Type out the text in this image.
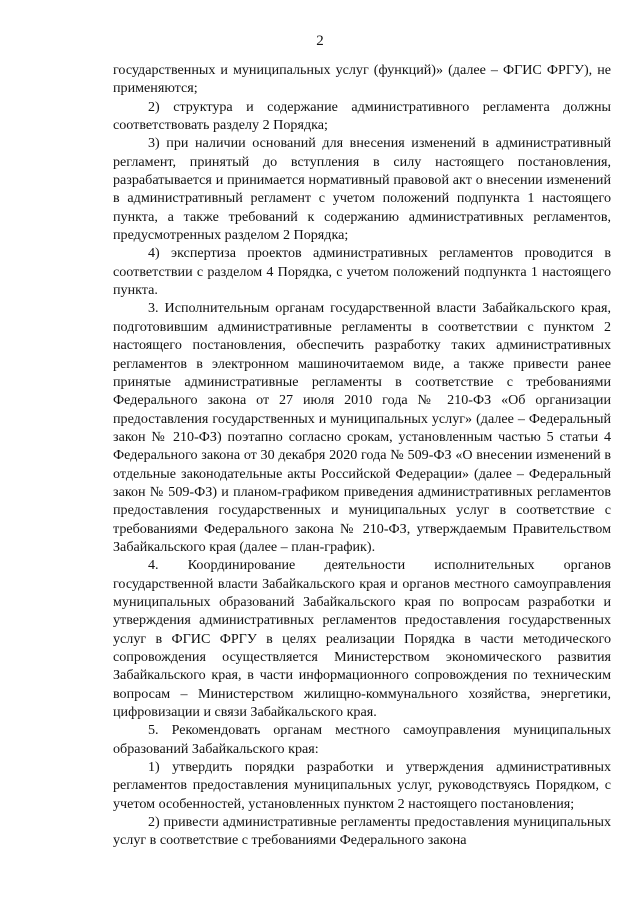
2

государственных и муниципальных услуг (функций)» (далее – ФГИС ФРГУ), не применяются;

2) структура и содержание административного регламента должны соответствовать разделу 2 Порядка;

3) при наличии оснований для внесения изменений в административный регламент, принятый до вступления в силу настоящего постановления, разрабатывается и принимается нормативный правовой акт о внесении изменений в административный регламент с учетом положений подпункта 1 настоящего пункта, а также требований к содержанию административных регламентов, предусмотренных разделом 2 Порядка;

4) экспертиза проектов административных регламентов проводится в соответствии с разделом 4 Порядка, с учетом положений подпункта 1 настоящего пункта.

3. Исполнительным органам государственной власти Забайкальского края, подготовившим административные регламенты в соответствии с пунктом 2 настоящего постановления, обеспечить разработку таких административных регламентов в электронном машиночитаемом виде, а также привести ранее принятые административные регламенты в соответствие с требованиями Федерального закона от 27 июля 2010 года № 210-ФЗ «Об организации предоставления государственных и муниципальных услуг» (далее – Федеральный закон № 210-ФЗ) поэтапно согласно срокам, установленным частью 5 статьи 4 Федерального закона от 30 декабря 2020 года № 509-ФЗ «О внесении изменений в отдельные законодательные акты Российской Федерации» (далее – Федеральный закон № 509-ФЗ) и планом-графиком приведения административных регламентов предоставления государственных и муниципальных услуг в соответствие с требованиями Федерального закона № 210-ФЗ, утверждаемым Правительством Забайкальского края (далее – план-график).

4. Координирование деятельности исполнительных органов государственной власти Забайкальского края и органов местного самоуправления муниципальных образований Забайкальского края по вопросам разработки и утверждения административных регламентов предоставления государственных услуг в ФГИС ФРГУ в целях реализации Порядка в части методического сопровождения осуществляется Министерством экономического развития Забайкальского края, в части информационного сопровождения по техническим вопросам – Министерством жилищно-коммунального хозяйства, энергетики, цифровизации и связи Забайкальского края.

5. Рекомендовать органам местного самоуправления муниципальных образований Забайкальского края:

1) утвердить порядки разработки и утверждения административных регламентов предоставления муниципальных услуг, руководствуясь Порядком, с учетом особенностей, установленных пунктом 2 настоящего постановления;

2) привести административные регламенты предоставления муниципальных услуг в соответствие с требованиями Федерального закона
